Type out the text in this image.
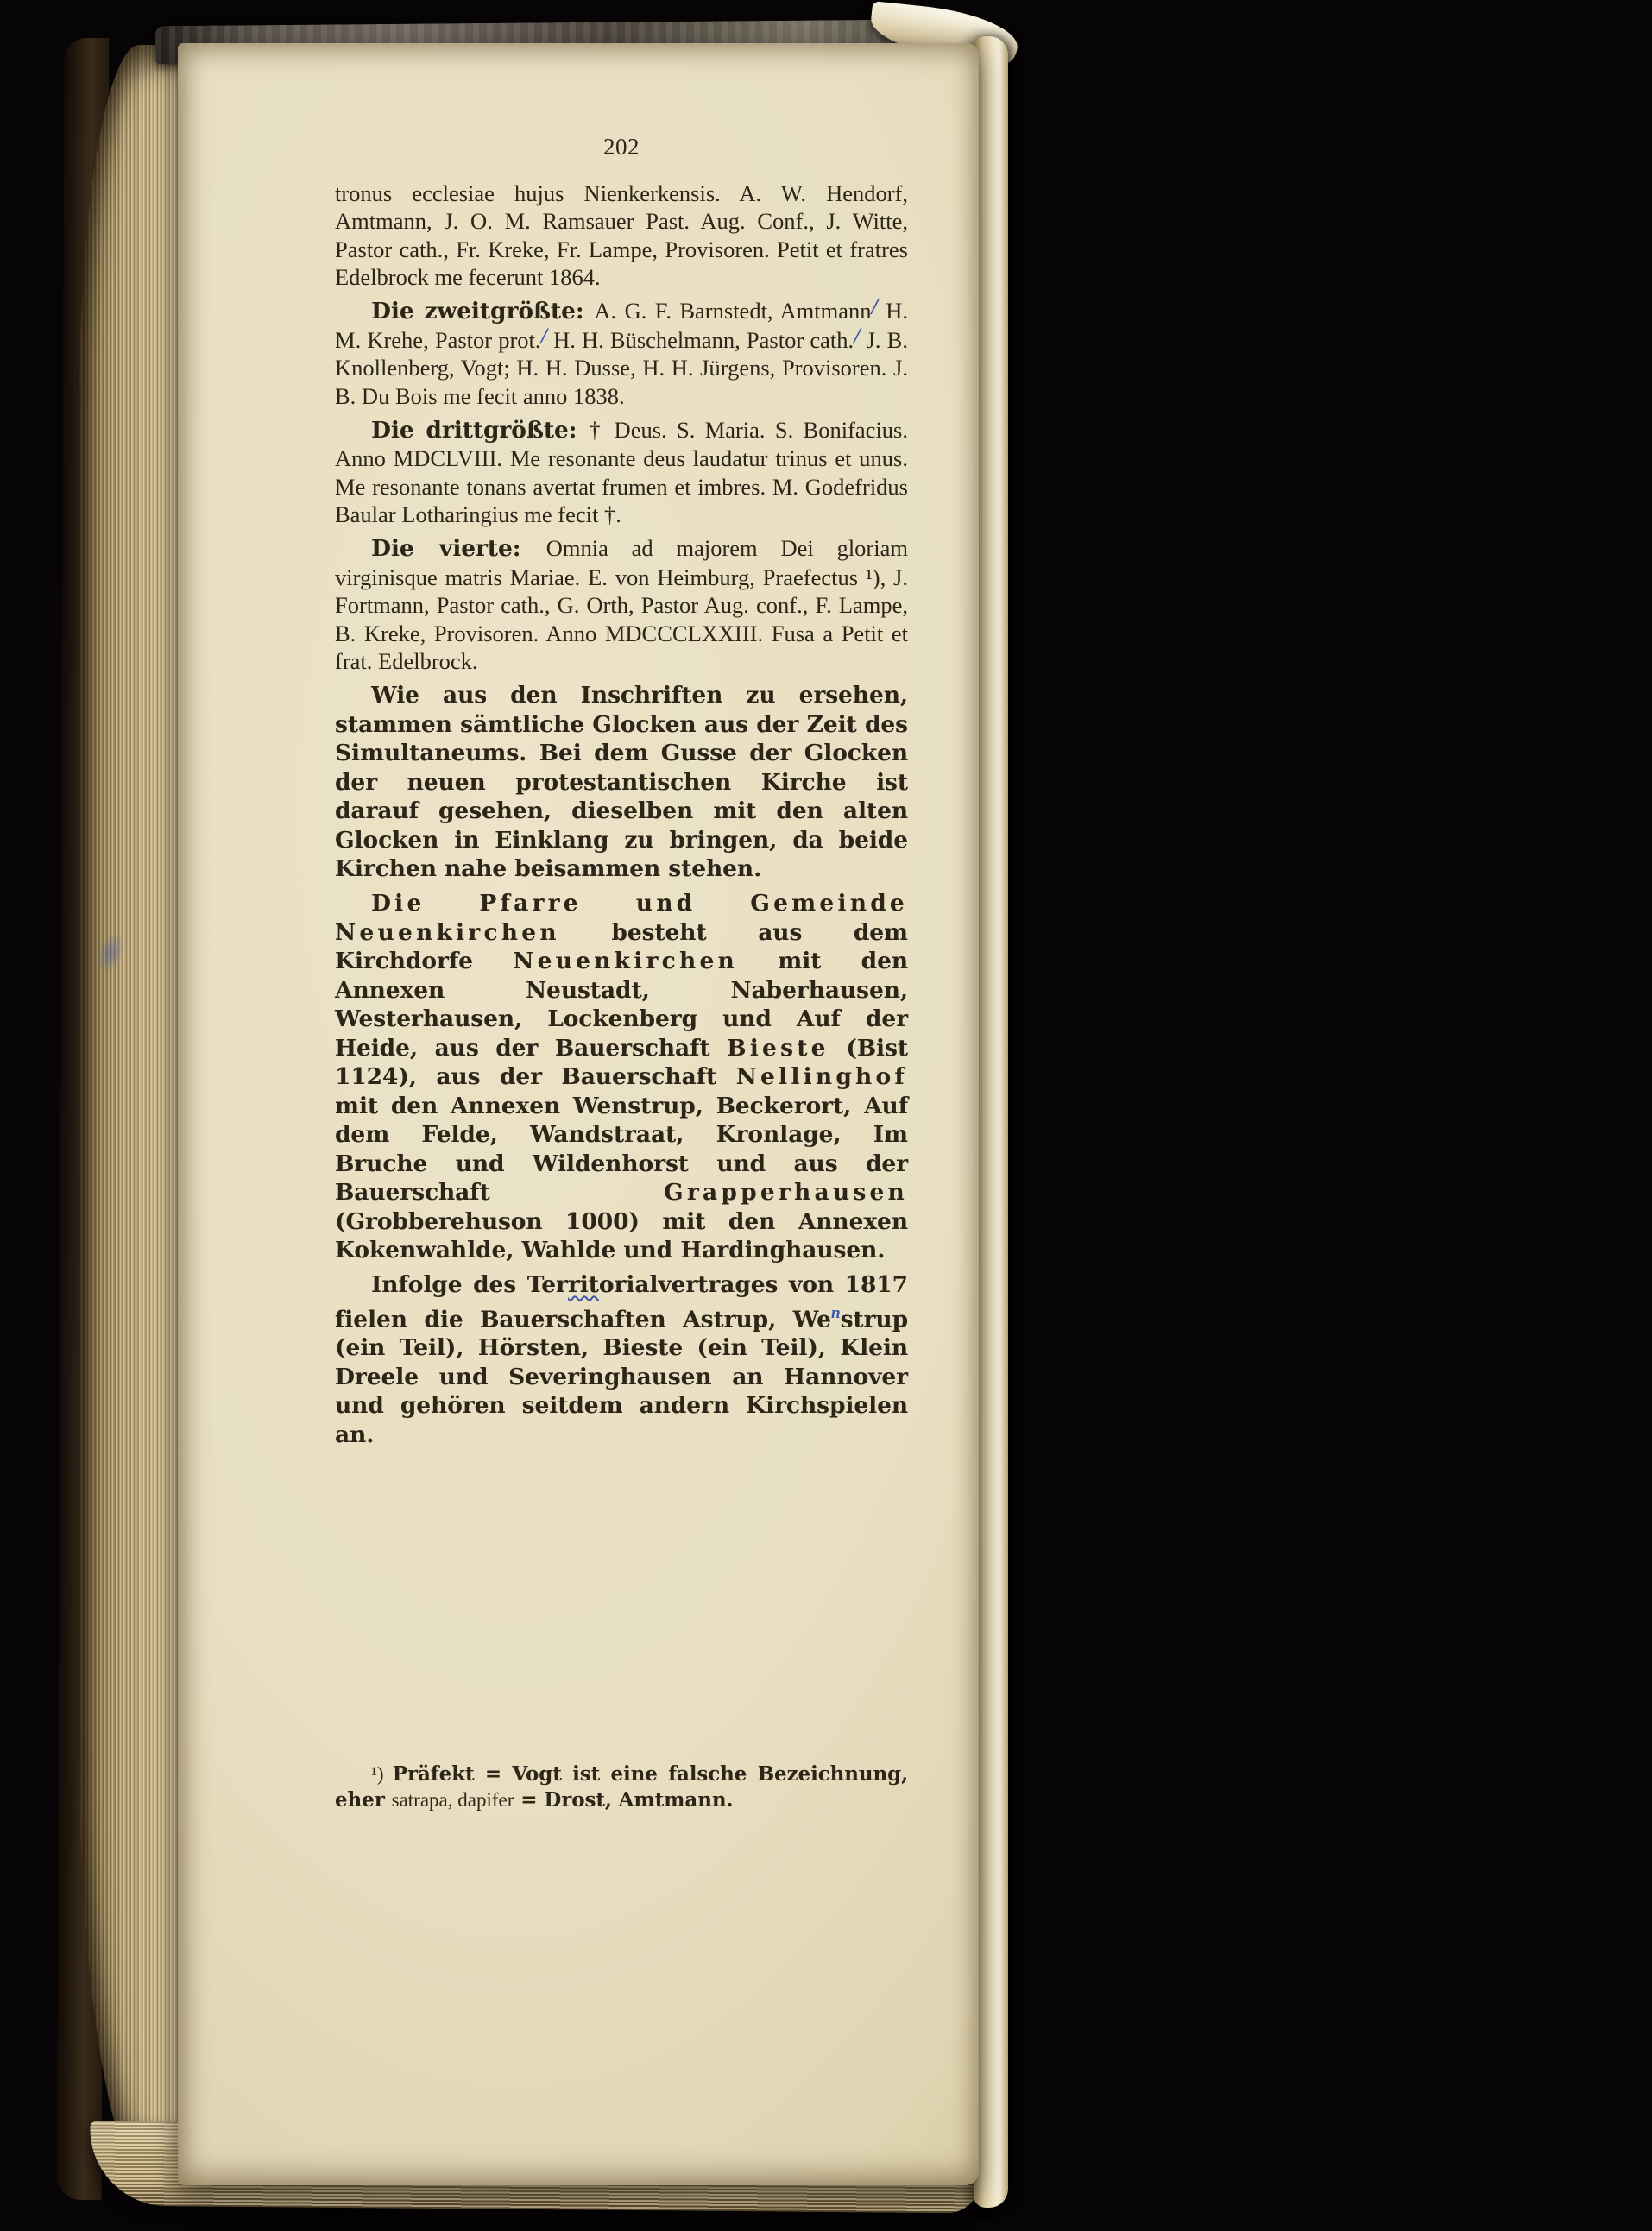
202

tronus ecclesiae hujus Nienkerkensis. A. W. Hendorf, Amtmann, J. O. M. Ramsauer Past. Aug. Conf., J. Witte, Pastor cath., Fr. Kreke, Fr. Lampe, Provisoren. Petit et fratres Edelbrock me fecerunt 1864.

Die zweitgrößte: A. G. F. Barnstedt, Amtmann/ H. M. Krehe, Pastor prot./ H. H. Büschelmann, Pastor cath./ J. B. Knollenberg, Vogt; H. H. Dusse, H. H. Jürgens, Provisoren. J. B. Du Bois me fecit anno 1838.

Die drittgrößte: † Deus. S. Maria. S. Bonifacius. Anno MDCLVIII. Me resonante deus laudatur trinus et unus. Me resonante tonans avertat frumen et imbres. M. Godefridus Baular Lotharingius me fecit †.

Die vierte: Omnia ad majorem Dei gloriam virginisque matris Mariae. E. von Heimburg, Praefectus ¹), J. Fortmann, Pastor cath., G. Orth, Pastor Aug. conf., F. Lampe, B. Kreke, Provisoren. Anno MDCCCLXXIII. Fusa a Petit et frat. Edelbrock.

Wie aus den Inschriften zu ersehen, stammen sämtliche Glocken aus der Zeit des Simultaneums. Bei dem Gusse der Glocken der neuen protestantischen Kirche ist darauf gesehen, dieselben mit den alten Glocken in Einklang zu bringen, da beide Kirchen nahe beisammen stehen.

Die Pfarre und Gemeinde Neuenkirchen besteht aus dem Kirchdorfe Neuenkirchen mit den Annexen Neustadt, Naberhausen, Westerhausen, Lockenberg und Auf der Heide, aus der Bauerschaft Bieste (Bist 1124), aus der Bauerschaft Nellinghof mit den Annexen Wenstrup, Beckerort, Auf dem Felde, Wandstraat, Kronlage, Im Bruche und Wildenhorst und aus der Bauerschaft Grapperhausen (Grobberehuson 1000) mit den Annexen Kokenwahlde, Wahlde und Hardinghausen.

Infolge des Territorialvertrages von 1817 fielen die Bauerschaften Astrup, We$^n$strup (ein Teil), Hörsten, Bieste (ein Teil), Klein Dreele und Severinghausen an Hannover und gehören seitdem andern Kirchspielen an.

¹) Präfekt = Vogt ist eine falsche Bezeichnung, eher satrapa, dapifer = Drost, Amtmann.
